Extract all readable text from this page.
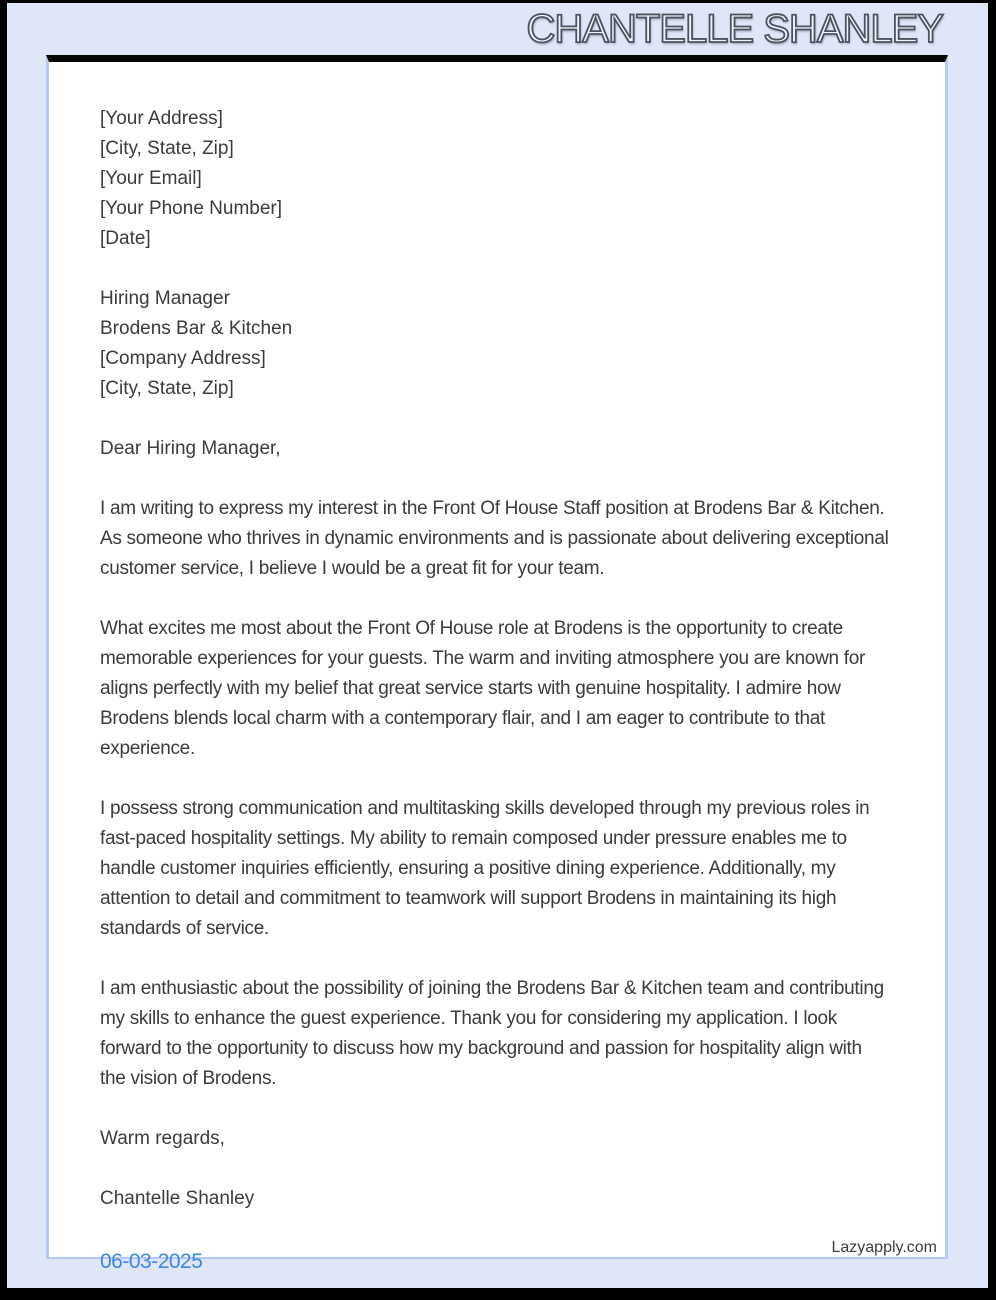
CHANTELLE SHANLEY
[Your Address]
[City, State, Zip]
[Your Email]
[Your Phone Number]
[Date]
Hiring Manager
Brodens Bar & Kitchen
[Company Address]
[City, State, Zip]
Dear Hiring Manager,

I am writing to express my interest in the Front Of House Staff position at Brodens Bar & Kitchen. As someone who thrives in dynamic environments and is passionate about delivering exceptional customer service, I believe I would be a great fit for your team.

What excites me most about the Front Of House role at Brodens is the opportunity to create memorable experiences for your guests. The warm and inviting atmosphere you are known for aligns perfectly with my belief that great service starts with genuine hospitality. I admire how Brodens blends local charm with a contemporary flair, and I am eager to contribute to that experience.

I possess strong communication and multitasking skills developed through my previous roles in fast-paced hospitality settings. My ability to remain composed under pressure enables me to handle customer inquiries efficiently, ensuring a positive dining experience. Additionally, my attention to detail and commitment to teamwork will support Brodens in maintaining its high standards of service.

I am enthusiastic about the possibility of joining the Brodens Bar & Kitchen team and contributing my skills to enhance the guest experience. Thank you for considering my application. I look forward to the opportunity to discuss how my background and passion for hospitality align with the vision of Brodens.

Warm regards,
Chantelle Shanley
Lazyapply.com
06-03-2025
